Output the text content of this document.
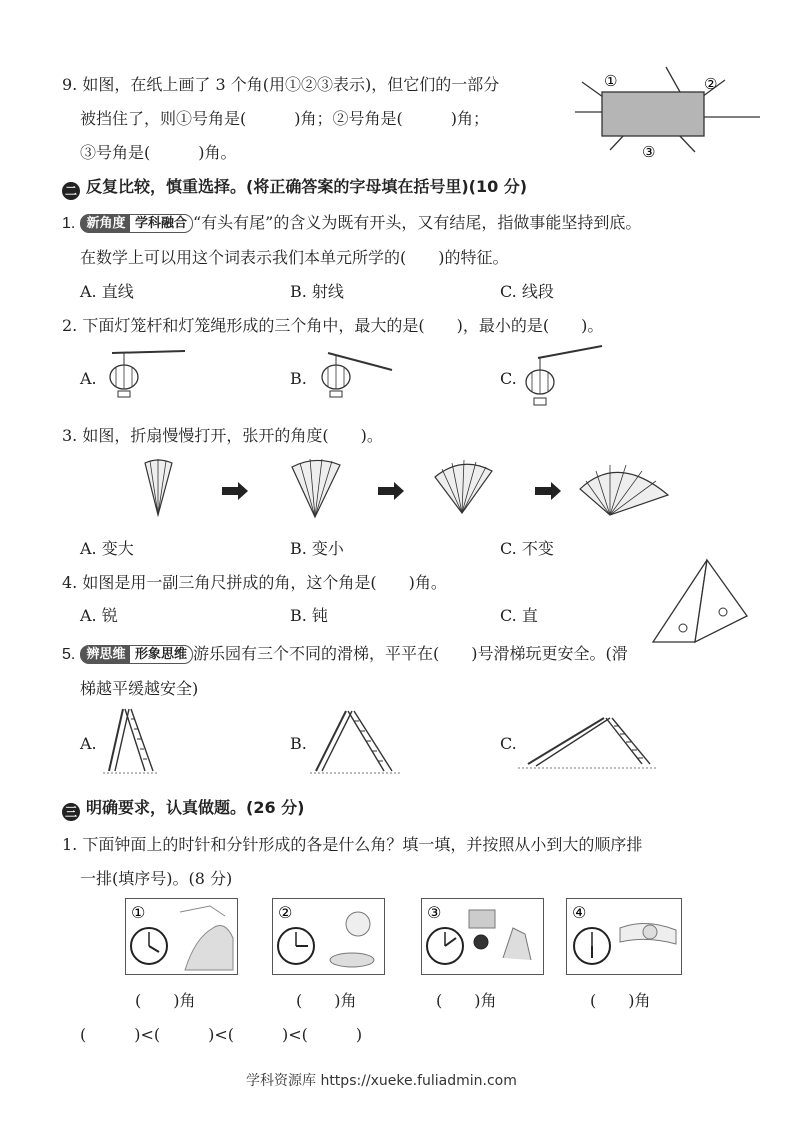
9. 如图，在纸上画了 3 个角(用①②③表示)，但它们的一部分
被挡住了，则①号角是(　　　)角；②号角是(　　　)角；
③号角是(　　　)角。
①	②
③
二 反复比较，慎重选择。(将正确答案的字母填在括号里)(10 分)
1. 新角度 学科融合 “有头有尾”的含义为既有开头，又有结尾，指做事能坚持到底。
在数学上可以用这个词表示我们本单元所学的(　　)的特征。
A. 直线	B. 射线	C. 线段
2. 下面灯笼杆和灯笼绳形成的三个角中，最大的是(　　)，最小的是(　　)。
A.	B.	C.
3. 如图，折扇慢慢打开，张开的角度(　　)。
A. 变大	B. 变小	C. 不变
4. 如图是用一副三角尺拼成的角，这个角是(　　)角。
A. 锐	B. 钝	C. 直
5. 辨思维 形象思维 游乐园有三个不同的滑梯，平平在(　　)号滑梯玩更安全。(滑
梯越平缓越安全)
A.	B.	C.
三 明确要求，认真做题。(26 分)
1. 下面钟面上的时针和分针形成的各是什么角？填一填，并按照从小到大的顺序排
一排(填序号)。(8 分)
①	②	③	④
(　　)角	(　　)角	(　　)角	(　　)角
(　　　)<(　　　)<(　　　)<(　　　)
学科资源库 https://xueke.fuliadmin.com
